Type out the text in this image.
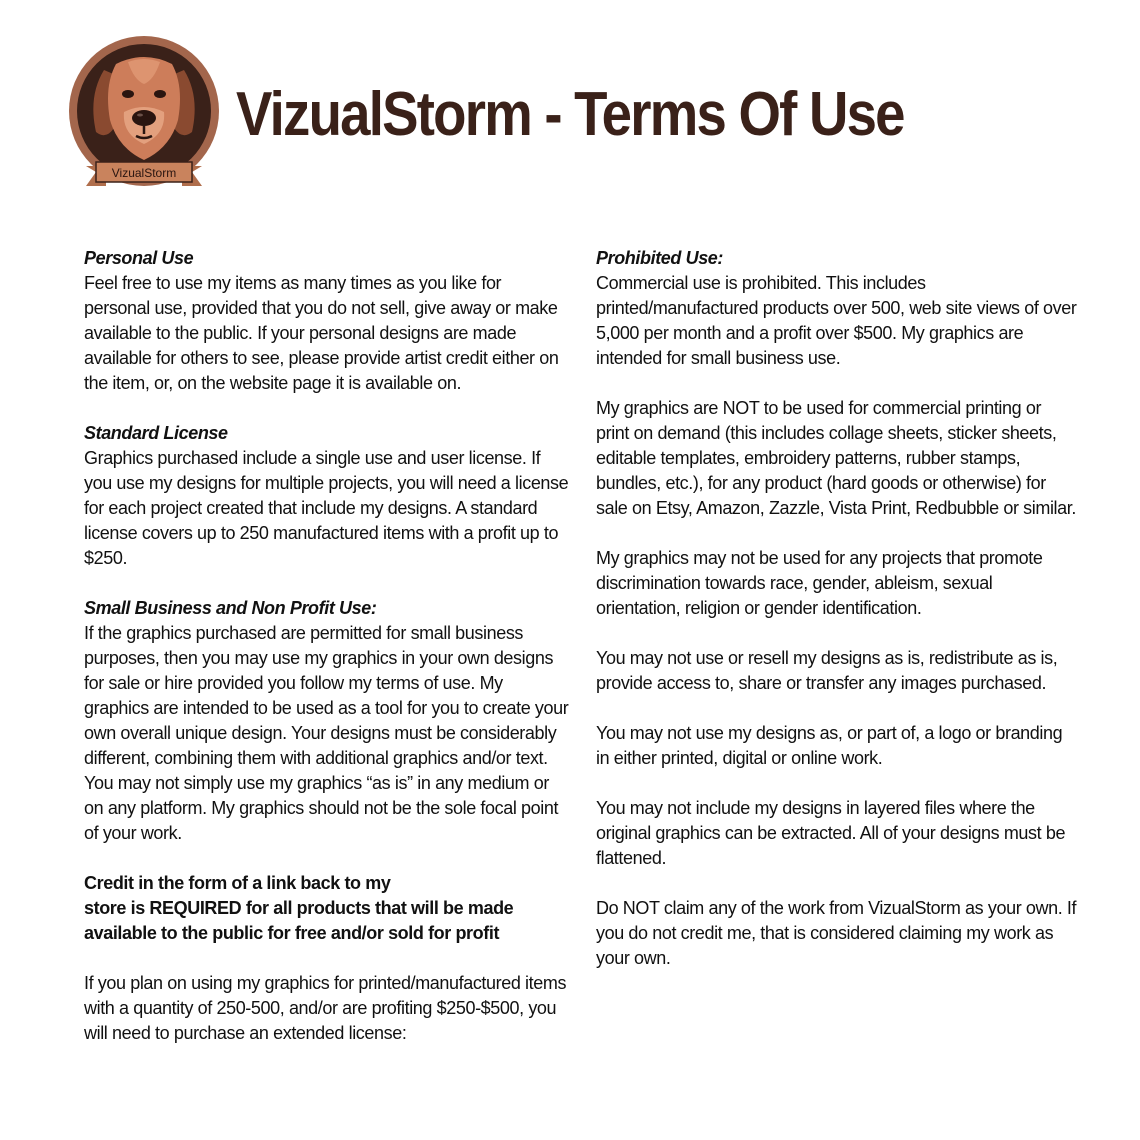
VizualStorm
VizualStorm - Terms Of Use

Personal Use

Feel free to use my items as many times as you like for personal use, provided that you do not sell, give away or make available to the public. If your personal designs are made available for others to see, please provide artist credit either on the item, or, on the website page it is available on.

Standard License

Graphics purchased include a single use and user license. If you use my designs for multiple projects, you will need a license for each project created that include my designs. A standard license covers up to 250 manufactured items with a profit up to $250.

Small Business and Non Profit Use:

If the graphics purchased are permitted for small business purposes, then you may use my graphics in your own designs for sale or hire provided you follow my terms of use. My graphics are intended to be used as a tool for you to create your own overall unique design. Your designs must be considerably different, combining them with additional graphics and/or text. You may not simply use my graphics “as is” in any medium or on any platform. My graphics should not be the sole focal point of your work.

Credit in the form of a link back to my

store is REQUIRED for all products that will be made

available to the public for free and/or sold for profit

If you plan on using my graphics for printed/manufactured items with a quantity of 250-500, and/or are profiting $250-$500, you will need to purchase an extended license:

Prohibited Use:

Commercial use is prohibited. This includes printed/manufactured products over 500, web site views of over 5,000 per month and a profit over $500. My graphics are intended for small business use.

My graphics are NOT to be used for commercial printing or print on demand (this includes collage sheets, sticker sheets, editable templates, embroidery patterns, rubber stamps, bundles, etc.), for any product (hard goods or otherwise) for sale on Etsy, Amazon, Zazzle, Vista Print, Redbubble or similar.

My graphics may not be used for any projects that promote discrimination towards race, gender, ableism, sexual orientation, religion or gender identification.

You may not use or resell my designs as is, redistribute as is, provide access to, share or transfer any images purchased.

You may not use my designs as, or part of, a logo or branding in either printed, digital or online work.

You may not include my designs in layered files where the original graphics can be extracted. All of your designs must be flattened.

Do NOT claim any of the work from VizualStorm as your own. If you do not credit me, that is considered claiming my work as your own.
